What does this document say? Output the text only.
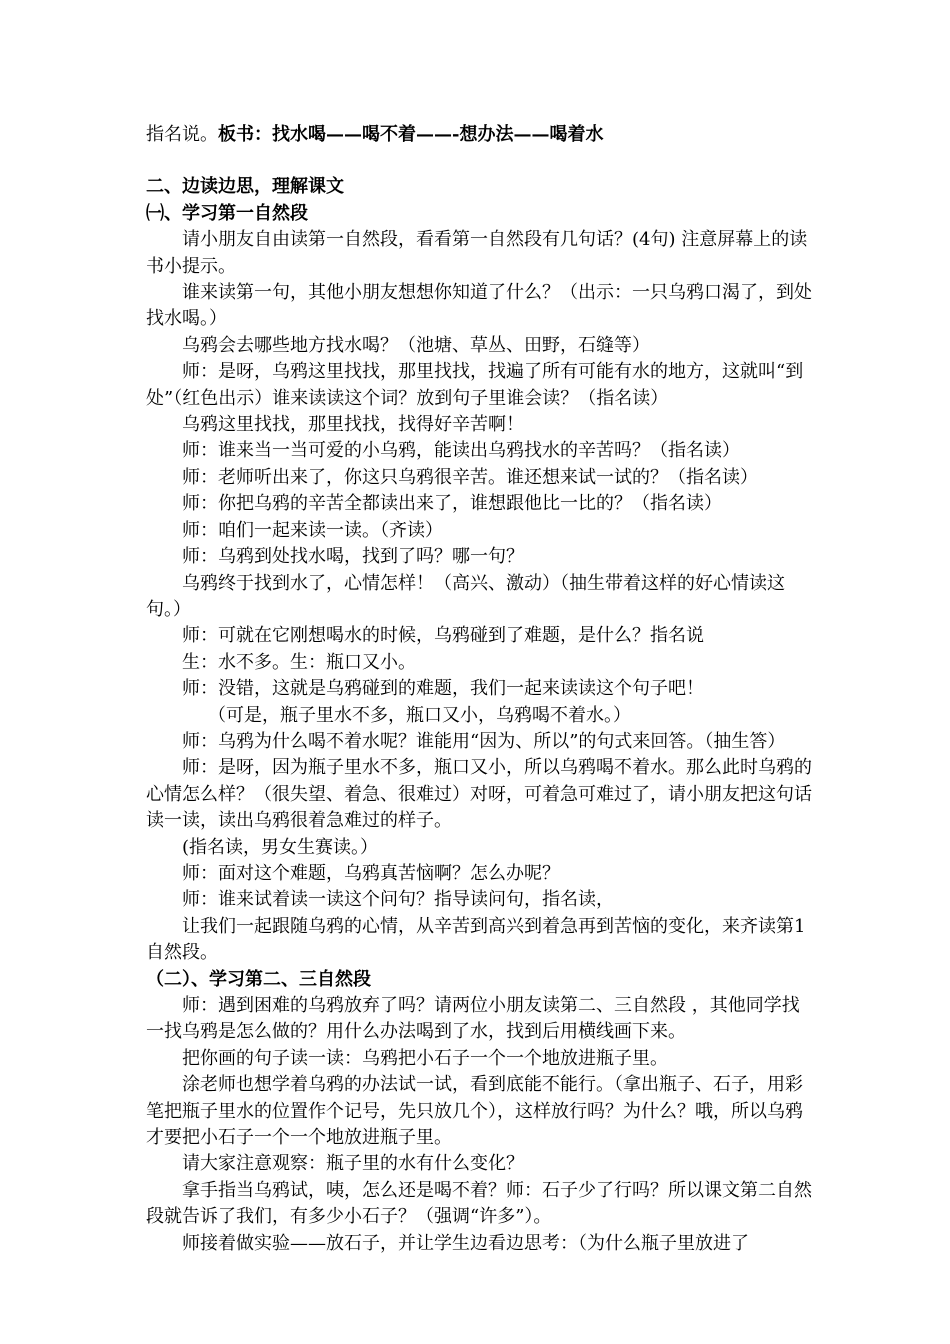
指名说。板书：找水喝——喝不着——-想办法——喝着水

二、边读边思，理解课文

㈠、学习第一自然段

请小朋友自由读第一自然段，看看第一自然段有几句话？(4句) 注意屏幕上的读书小提示。

谁来读第一句，其他小朋友想想你知道了什么？（出示：一只乌鸦口渴了，到处找水喝。）

乌鸦会去哪些地方找水喝？（池塘、草丛、田野，石缝等）

师：是呀，乌鸦这里找找，那里找找，找遍了所有可能有水的地方，这就叫“到处”（红色出示）谁来读读这个词？放到句子里谁会读？（指名读）

乌鸦这里找找，那里找找，找得好辛苦啊！

师：谁来当一当可爱的小乌鸦，能读出乌鸦找水的辛苦吗？（指名读）

师：老师听出来了，你这只乌鸦很辛苦。谁还想来试一试的？（指名读）

师：你把乌鸦的辛苦全都读出来了，谁想跟他比一比的？（指名读）

师：咱们一起来读一读。（齐读）

师：乌鸦到处找水喝，找到了吗？哪一句？

乌鸦终于找到水了，心情怎样！（高兴、激动）（抽生带着这样的好心情读这句。）

师：可就在它刚想喝水的时候，乌鸦碰到了难题，是什么？指名说

生：水不多。生：瓶口又小。

师：没错，这就是乌鸦碰到的难题，我们一起来读读这个句子吧！

（可是，瓶子里水不多，瓶口又小，乌鸦喝不着水。）

师：乌鸦为什么喝不着水呢？谁能用“因为、所以”的句式来回答。（抽生答）

师：是呀，因为瓶子里水不多，瓶口又小，所以乌鸦喝不着水。那么此时乌鸦的心情怎么样？（很失望、着急、很难过）对呀，可着急可难过了，请小朋友把这句话读一读，读出乌鸦很着急难过的样子。

(指名读，男女生赛读。）

师：面对这个难题，乌鸦真苦恼啊？怎么办呢？

师：谁来试着读一读这个问句？指导读问句，指名读，

让我们一起跟随乌鸦的心情，从辛苦到高兴到着急再到苦恼的变化，来齐读第1自然段。

（二）、学习第二、三自然段

师：遇到困难的乌鸦放弃了吗？请两位小朋友读第二、三自然段 ，其他同学找一找乌鸦是怎么做的？用什么办法喝到了水，找到后用横线画下来。

把你画的句子读一读：乌鸦把小石子一个一个地放进瓶子里。

涂老师也想学着乌鸦的办法试一试，看到底能不能行。（拿出瓶子、石子，用彩笔把瓶子里水的位置作个记号，先只放几个），这样放行吗？为什么？哦，所以乌鸦才要把小石子一个一个地放进瓶子里。

请大家注意观察：瓶子里的水有什么变化？

拿手指当乌鸦试，咦，怎么还是喝不着？师：石子少了行吗？所以课文第二自然段就告诉了我们，有多少小石子？（强调“许多”）。

师接着做实验——放石子，并让学生边看边思考：（为什么瓶子里放进了
